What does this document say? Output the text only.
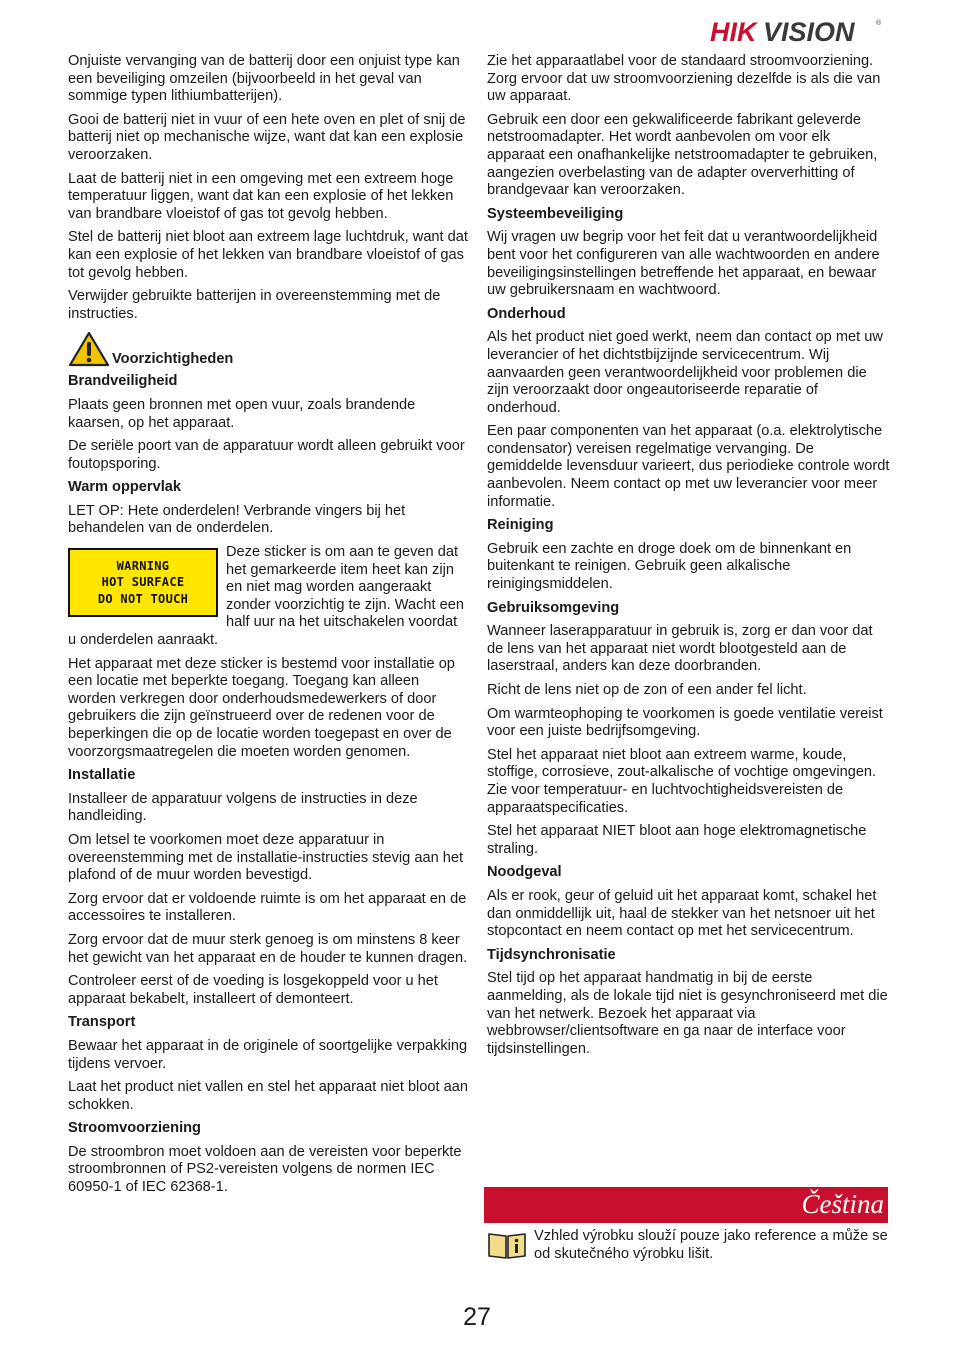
HIK VISION	®

Onjuiste vervanging van de batterij door een onjuist type kan een beveiliging omzeilen (bijvoorbeeld in het geval van sommige typen lithiumbatterijen).

Gooi de batterij niet in vuur of een hete oven en plet of snij de batterij niet op mechanische wijze, want dat kan een explosie veroorzaken.

Laat de batterij niet in een omgeving met een extreem hoge temperatuur liggen, want dat kan een explosie of het lekken van brandbare vloeistof of gas tot gevolg hebben.

Stel de batterij niet bloot aan extreem lage luchtdruk, want dat kan een explosie of het lekken van brandbare vloeistof of gas tot gevolg hebben.

Verwijder gebruikte batterijen in overeenstemming met de instructies.

Voorzichtigheden
Brandveiligheid

Plaats geen bronnen met open vuur, zoals brandende kaarsen, op het apparaat.

De seriële poort van de apparatuur wordt alleen gebruikt voor foutopsporing.

Warm oppervlak

LET OP: Hete onderdelen! Verbrande vingers bij het behandelen van de onderdelen.

WARNING
HOT SURFACE
DO NOT TOUCH
Deze sticker is om aan te geven dat het gemarkeerde item heet kan zijn en niet mag worden aangeraakt zonder voorzichtig te zijn. Wacht een half uur na het uitschakelen voordat u onderdelen aanraakt.

Het apparaat met deze sticker is bestemd voor installatie op een locatie met beperkte toegang. Toegang kan alleen worden verkregen door onderhoudsmedewerkers of door gebruikers die zijn geïnstrueerd over de redenen voor de beperkingen die op de locatie worden toegepast en over de voorzorgsmaatregelen die moeten worden genomen.

Installatie

Installeer de apparatuur volgens de instructies in deze handleiding.

Om letsel te voorkomen moet deze apparatuur in overeenstemming met de installatie-instructies stevig aan het plafond of de muur worden bevestigd.

Zorg ervoor dat er voldoende ruimte is om het apparaat en de accessoires te installeren.

Zorg ervoor dat de muur sterk genoeg is om minstens 8 keer het gewicht van het apparaat en de houder te kunnen dragen.

Controleer eerst of de voeding is losgekoppeld voor u het apparaat bekabelt, installeert of demonteert.

Transport

Bewaar het apparaat in de originele of soortgelijke verpakking tijdens vervoer.

Laat het product niet vallen en stel het apparaat niet bloot aan schokken.

Stroomvoorziening

De stroombron moet voldoen aan de vereisten voor beperkte stroombronnen of PS2-vereisten volgens de normen IEC 60950-1 of IEC 62368-1.

Zie het apparaatlabel voor de standaard stroomvoorziening. Zorg ervoor dat uw stroomvoorziening dezelfde is als die van uw apparaat.

Gebruik een door een gekwalificeerde fabrikant geleverde netstroomadapter. Het wordt aanbevolen om voor elk apparaat een onafhankelijke netstroomadapter te gebruiken, aangezien overbelasting van de adapter oververhitting of brandgevaar kan veroorzaken.

Systeembeveiliging

Wij vragen uw begrip voor het feit dat u verantwoordelijkheid bent voor het configureren van alle wachtwoorden en andere beveiligingsinstellingen betreffende het apparaat, en bewaar uw gebruikersnaam en wachtwoord.

Onderhoud

Als het product niet goed werkt, neem dan contact op met uw leverancier of het dichtstbijzijnde servicecentrum. Wij aanvaarden geen verantwoordelijkheid voor problemen die zijn veroorzaakt door ongeautoriseerde reparatie of onderhoud.

Een paar componenten van het apparaat (o.a. elektrolytische condensator) vereisen regelmatige vervanging. De gemiddelde levensduur varieert, dus periodieke controle wordt aanbevolen. Neem contact op met uw leverancier voor meer informatie.

Reiniging

Gebruik een zachte en droge doek om de binnenkant en buitenkant te reinigen. Gebruik geen alkalische reinigingsmiddelen.

Gebruiksomgeving

Wanneer laserapparatuur in gebruik is, zorg er dan voor dat de lens van het apparaat niet wordt blootgesteld aan de laserstraal, anders kan deze doorbranden.

Richt de lens niet op de zon of een ander fel licht.

Om warmteophoping te voorkomen is goede ventilatie vereist voor een juiste bedrijfsomgeving.

Stel het apparaat niet bloot aan extreem warme, koude, stoffige, corrosieve, zout-alkalische of vochtige omgevingen. Zie voor temperatuur- en luchtvochtigheidsvereisten de apparaatspecificaties.

Stel het apparaat NIET bloot aan hoge elektromagnetische straling.

Noodgeval

Als er rook, geur of geluid uit het apparaat komt, schakel het dan onmiddellijk uit, haal de stekker van het netsnoer uit het stopcontact en neem contact op met het servicecentrum.

Tijdsynchronisatie

Stel tijd op het apparaat handmatig in bij de eerste aanmelding, als de lokale tijd niet is gesynchroniseerd met die van het netwerk. Bezoek het apparaat via webbrowser/clientsoftware en ga naar de interface voor tijdsinstellingen.

Čeština
Vzhled výrobku slouží pouze jako reference a může se od skutečného výrobku lišit.
27
